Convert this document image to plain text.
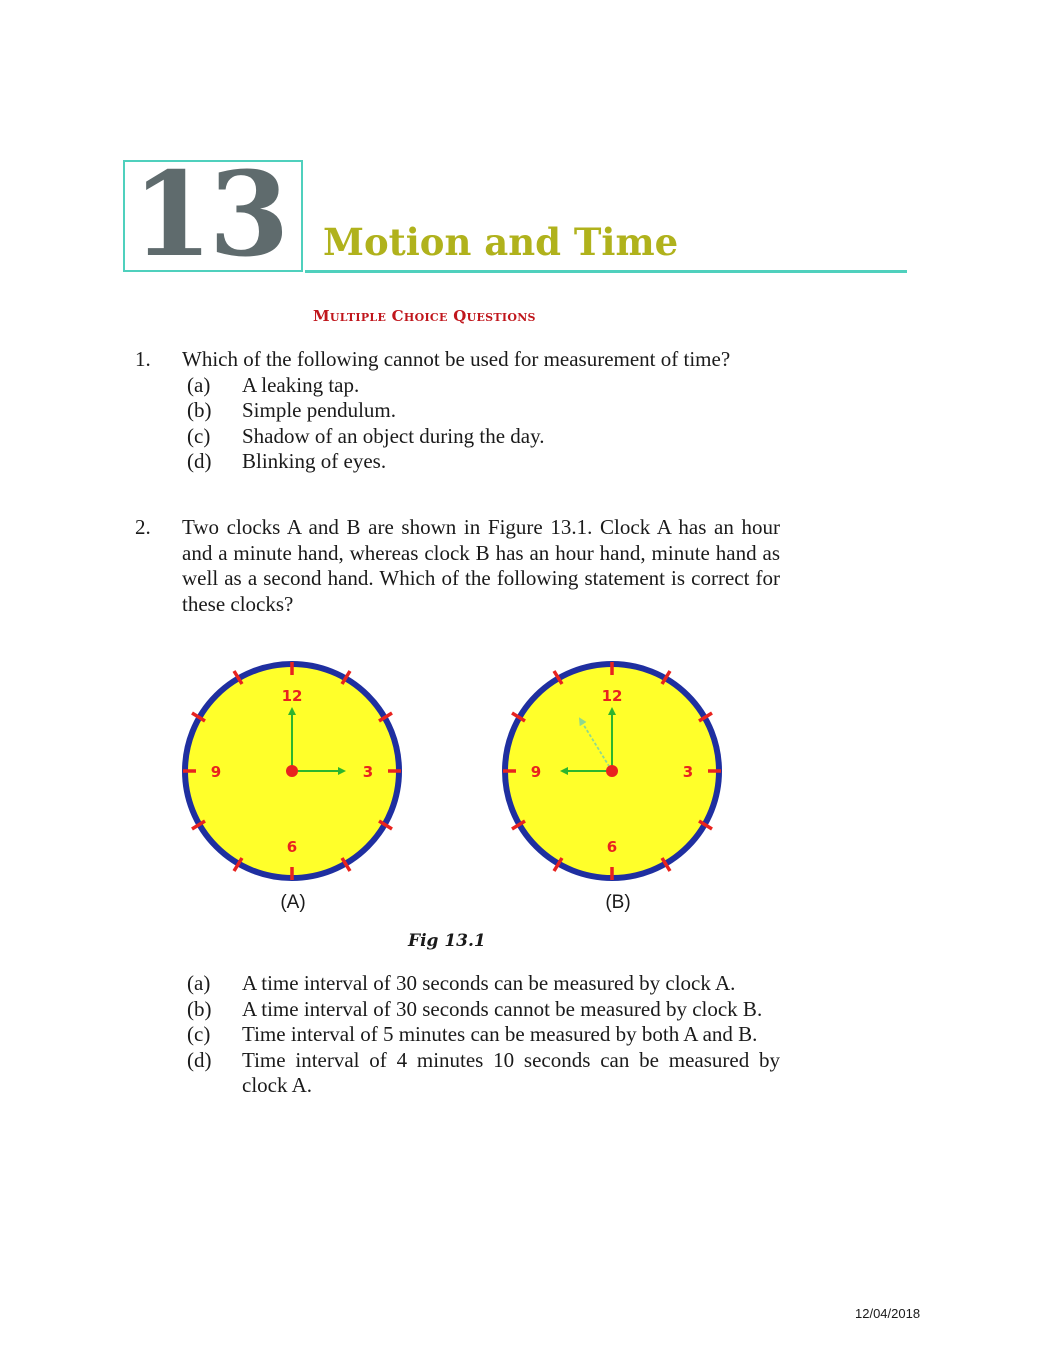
13	Motion and Time
Multiple Choice Questions
1.	Which of the following cannot be used for measurement of time?
(a)	A leaking tap.
(b)	Simple pendulum.
(c)	Shadow of an object during the day.
(d)	Blinking of eyes.
2.	Two clocks A and B are shown in Figure 13.1. Clock A has an hour and a minute hand, whereas clock B has an hour hand, minute hand as well as a second hand. Which of the following statement is correct for these clocks?
12
3
6
9
12
3
6
9
(A)	(B)
Fig 13.1
(a)	A time interval of 30 seconds can be measured by clock A.
(b)	A time interval of 30 seconds cannot be measured by clock B.
(c)	Time interval of 5 minutes can be measured by both A and B.
(d)	Time interval of 4 minutes 10 seconds can be measured by clock A.
12/04/2018
